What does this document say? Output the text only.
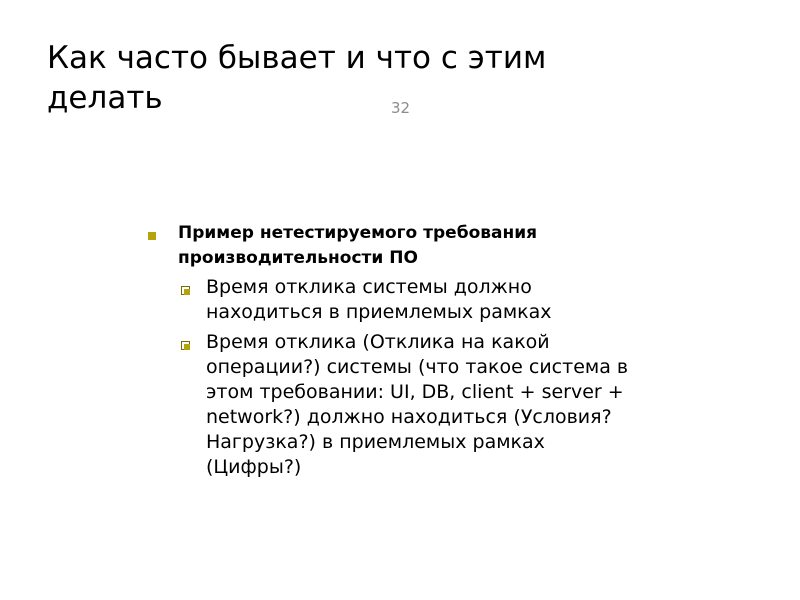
Как часто бывает и что с этим делать	32
Пример нетестируемого требования производительности ПО
Время отклика системы должно находиться в приемлемых рамках
Время отклика (Отклика на какой операции?) системы (что такое система в этом требовании: UI, DB, client + server + network?) должно находиться (Условия? Нагрузка?) в приемлемых рамках (Цифры?)
